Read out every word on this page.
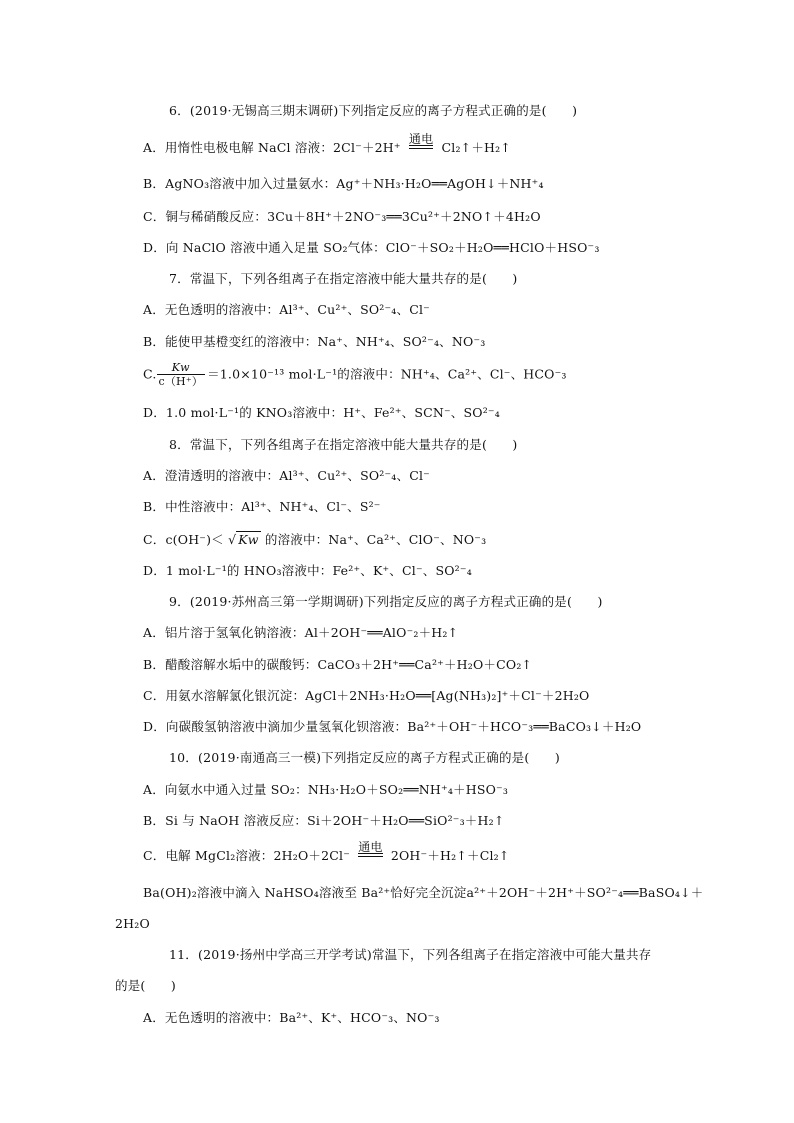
6．(2019·无锡高三期末调研)下列指定反应的离子方程式正确的是(　　)
A．用惰性电极电解 NaCl 溶液：2Cl⁻＋2H⁺
通电
Cl₂↑＋H₂↑
B．AgNO₃溶液中加入过量氨水：Ag⁺＋NH₃·H₂O══AgOH↓＋NH⁺₄
C．铜与稀硝酸反应：3Cu＋8H⁺＋2NO⁻₃══3Cu²⁺＋2NO↑＋4H₂O
D．向 NaClO 溶液中通入足量 SO₂气体：ClO⁻＋SO₂＋H₂O══HClO＋HSO⁻₃
7．常温下，下列各组离子在指定溶液中能大量共存的是(　　)
A．无色透明的溶液中：Al³⁺、Cu²⁺、SO²⁻₄、Cl⁻
B．能使甲基橙变红的溶液中：Na⁺、NH⁺₄、SO²⁻₄、NO⁻₃
C. $\frac{Kw}{c(H^+)} =1.0\times 10^{-13}$ mol·L⁻¹的溶液中：NH⁺₄、Ca²⁺、Cl⁻、HCO⁻₃
D．1.0 mol·L⁻¹的 KNO₃溶液中：H⁺、Fe²⁺、SCN⁻、SO²⁻₄
8．常温下，下列各组离子在指定溶液中能大量共存的是(　　)
A．澄清透明的溶液中：Al³⁺、Cu²⁺、SO²⁻₄、Cl⁻
B．中性溶液中：Al³⁺、NH⁺₄、Cl⁻、S²⁻
C．c(OH⁻)＜ √ Kw 的溶液中：Na⁺、Ca²⁺、ClO⁻、NO⁻₃
D．1 mol·L⁻¹的 HNO₃溶液中：Fe²⁺、K⁺、Cl⁻、SO²⁻₄
9．(2019·苏州高三第一学期调研)下列指定反应的离子方程式正确的是(　　)
A．铝片溶于氢氧化钠溶液：Al＋2OH⁻══AlO⁻₂＋H₂↑
B．醋酸溶解水垢中的碳酸钙：CaCO₃＋2H⁺══Ca²⁺＋H₂O＋CO₂↑
C．用氨水溶解氯化银沉淀：AgCl＋2NH₃·H₂O══[Ag(NH₃)₂]⁺＋Cl⁻＋2H₂O
D．向碳酸氢钠溶液中滴加少量氢氧化钡溶液：Ba²⁺＋OH⁻＋HCO⁻₃══BaCO₃↓＋H₂O
10．(2019·南通高三一模)下列指定反应的离子方程式正确的是(　　)
A．向氨水中通入过量 SO₂：NH₃·H₂O＋SO₂══NH⁺₄＋HSO⁻₃
B．Si 与 NaOH 溶液反应：Si＋2OH⁻＋H₂O══SiO²⁻₃＋H₂↑
C．电解 MgCl₂溶液：2H₂O＋2Cl⁻
通电
2OH⁻＋H₂↑＋Cl₂↑
Ba(OH)₂溶液中滴入 NaHSO₄溶液至 Ba²⁺恰好完全沉淀a²⁺＋2OH⁻＋2H⁺＋SO²⁻₄══BaSO₄↓＋
2H₂O
11．(2019·扬州中学高三开学考试)常温下，下列各组离子在指定溶液中可能大量共存
的是(　　)
A．无色透明的溶液中：Ba²⁺、K⁺、HCO⁻₃、NO⁻₃
